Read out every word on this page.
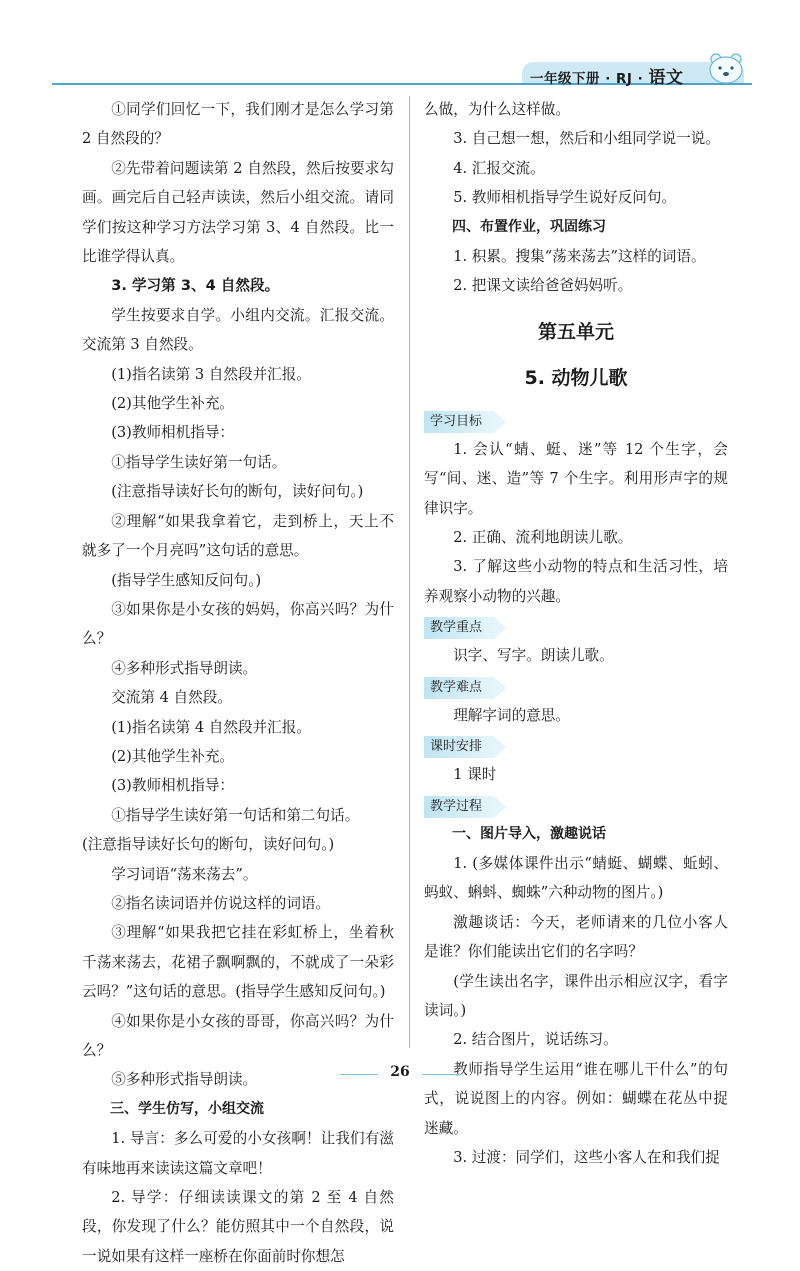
一年级下册 · RJ · 语文

①同学们回忆一下，我们刚才是怎么学习第 2 自然段的？

②先带着问题读第 2 自然段，然后按要求勾画。画完后自己轻声读读，然后小组交流。请同学们按这种学习方法学习第 3、4 自然段。比一比谁学得认真。

3. 学习第 3、4 自然段。

学生按要求自学。小组内交流。汇报交流。交流第 3 自然段。

(1)指名读第 3 自然段并汇报。

(2)其他学生补充。

(3)教师相机指导：

①指导学生读好第一句话。

(注意指导读好长句的断句，读好问句。)

②理解“如果我拿着它，走到桥上，天上不就多了一个月亮吗”这句话的意思。

(指导学生感知反问句。)

③如果你是小女孩的妈妈，你高兴吗？为什么？

④多种形式指导朗读。

交流第 4 自然段。

(1)指名读第 4 自然段并汇报。

(2)其他学生补充。

(3)教师相机指导：

①指导学生读好第一句话和第二句话。

(注意指导读好长句的断句，读好问句。)

学习词语“荡来荡去”。

②指名读词语并仿说这样的词语。

③理解“如果我把它挂在彩虹桥上，坐着秋千荡来荡去，花裙子飘啊飘的，不就成了一朵彩云吗？”这句话的意思。(指导学生感知反问句。)

④如果你是小女孩的哥哥，你高兴吗？为什么？

⑤多种形式指导朗读。

三、学生仿写，小组交流

1. 导言：多么可爱的小女孩啊！让我们有滋有味地再来读读这篇文章吧！

2. 导学：仔细读读课文的第 2 至 4 自然段，你发现了什么？能仿照其中一个自然段，说一说如果有这样一座桥在你面前时你想怎

么做，为什么这样做。

3. 自己想一想，然后和小组同学说一说。

4. 汇报交流。

5. 教师相机指导学生说好反问句。

四、布置作业，巩固练习

1. 积累。搜集“荡来荡去”这样的词语。

2. 把课文读给爸爸妈妈听。

第五单元
5. 动物儿歌
学习目标

1. 会认“蜻、蜓、迷”等 12 个生字，会写“间、迷、造”等 7 个生字。利用形声字的规律识字。

2. 正确、流利地朗读儿歌。

3. 了解这些小动物的特点和生活习性，培养观察小动物的兴趣。

教学重点

识字、写字。朗读儿歌。

教学难点

理解字词的意思。

课时安排

1 课时

教学过程

一、图片导入，激趣说话

1. (多媒体课件出示“蜻蜓、蝴蝶、蚯蚓、蚂蚁、蝌蚪、蜘蛛”六种动物的图片。)

激趣谈话：今天，老师请来的几位小客人是谁？你们能读出它们的名字吗？

(学生读出名字，课件出示相应汉字，看字读词。)

2. 结合图片，说话练习。

教师指导学生运用“谁在哪儿干什么”的句式，说说图上的内容。例如：蝴蝶在花丛中捉迷藏。

3. 过渡：同学们，这些小客人在和我们捉

26
